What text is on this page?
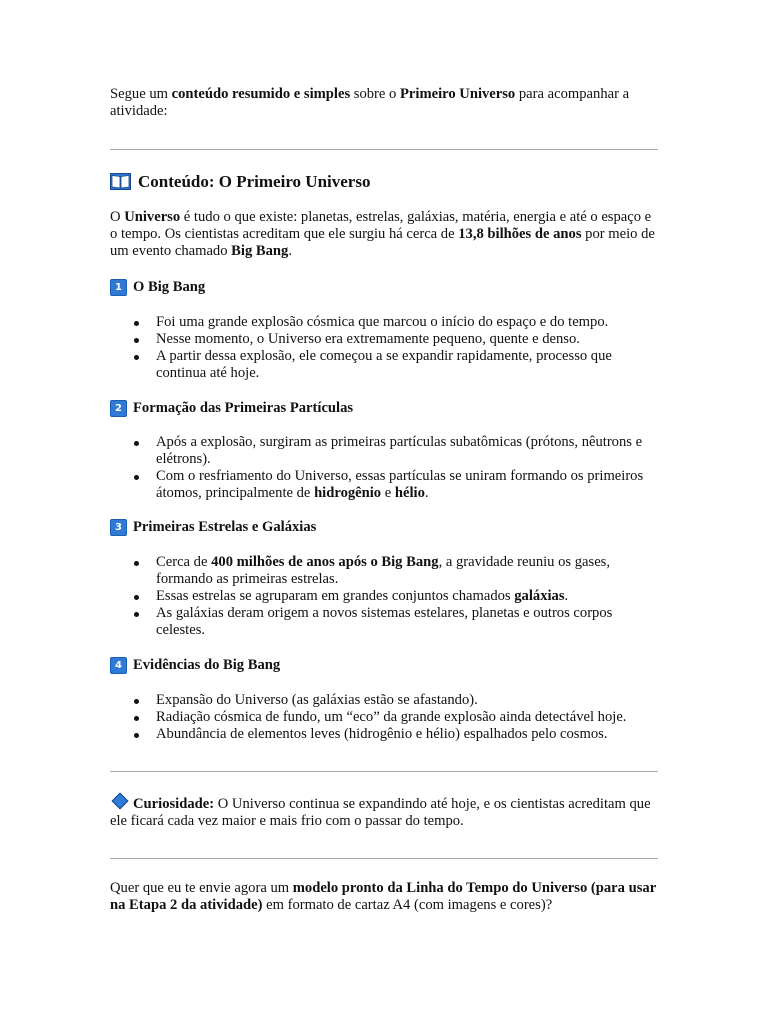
Segue um conteúdo resumido e simples sobre o Primeiro Universo para acompanhar a atividade:

Conteúdo: O Primeiro Universo

O Universo é tudo o que existe: planetas, estrelas, galáxias, matéria, energia e até o espaço e o tempo. Os cientistas acreditam que ele surgiu há cerca de 13,8 bilhões de anos por meio de um evento chamado Big Bang.

1 O Big Bang
Foi uma grande explosão cósmica que marcou o início do espaço e do tempo.
Nesse momento, o Universo era extremamente pequeno, quente e denso.
A partir dessa explosão, ele começou a se expandir rapidamente, processo que continua até hoje.
2 Formação das Primeiras Partículas
Após a explosão, surgiram as primeiras partículas subatômicas (prótons, nêutrons e elétrons).
Com o resfriamento do Universo, essas partículas se uniram formando os primeiros átomos, principalmente de hidrogênio e hélio.
3 Primeiras Estrelas e Galáxias
Cerca de 400 milhões de anos após o Big Bang, a gravidade reuniu os gases, formando as primeiras estrelas.
Essas estrelas se agruparam em grandes conjuntos chamados galáxias.
As galáxias deram origem a novos sistemas estelares, planetas e outros corpos celestes.
4 Evidências do Big Bang
Expansão do Universo (as galáxias estão se afastando).
Radiação cósmica de fundo, um “eco” da grande explosão ainda detectável hoje.
Abundância de elementos leves (hidrogênio e hélio) espalhados pelo cosmos.

Curiosidade: O Universo continua se expandindo até hoje, e os cientistas acreditam que ele ficará cada vez maior e mais frio com o passar do tempo.

Quer que eu te envie agora um modelo pronto da Linha do Tempo do Universo (para usar na Etapa 2 da atividade) em formato de cartaz A4 (com imagens e cores)?
